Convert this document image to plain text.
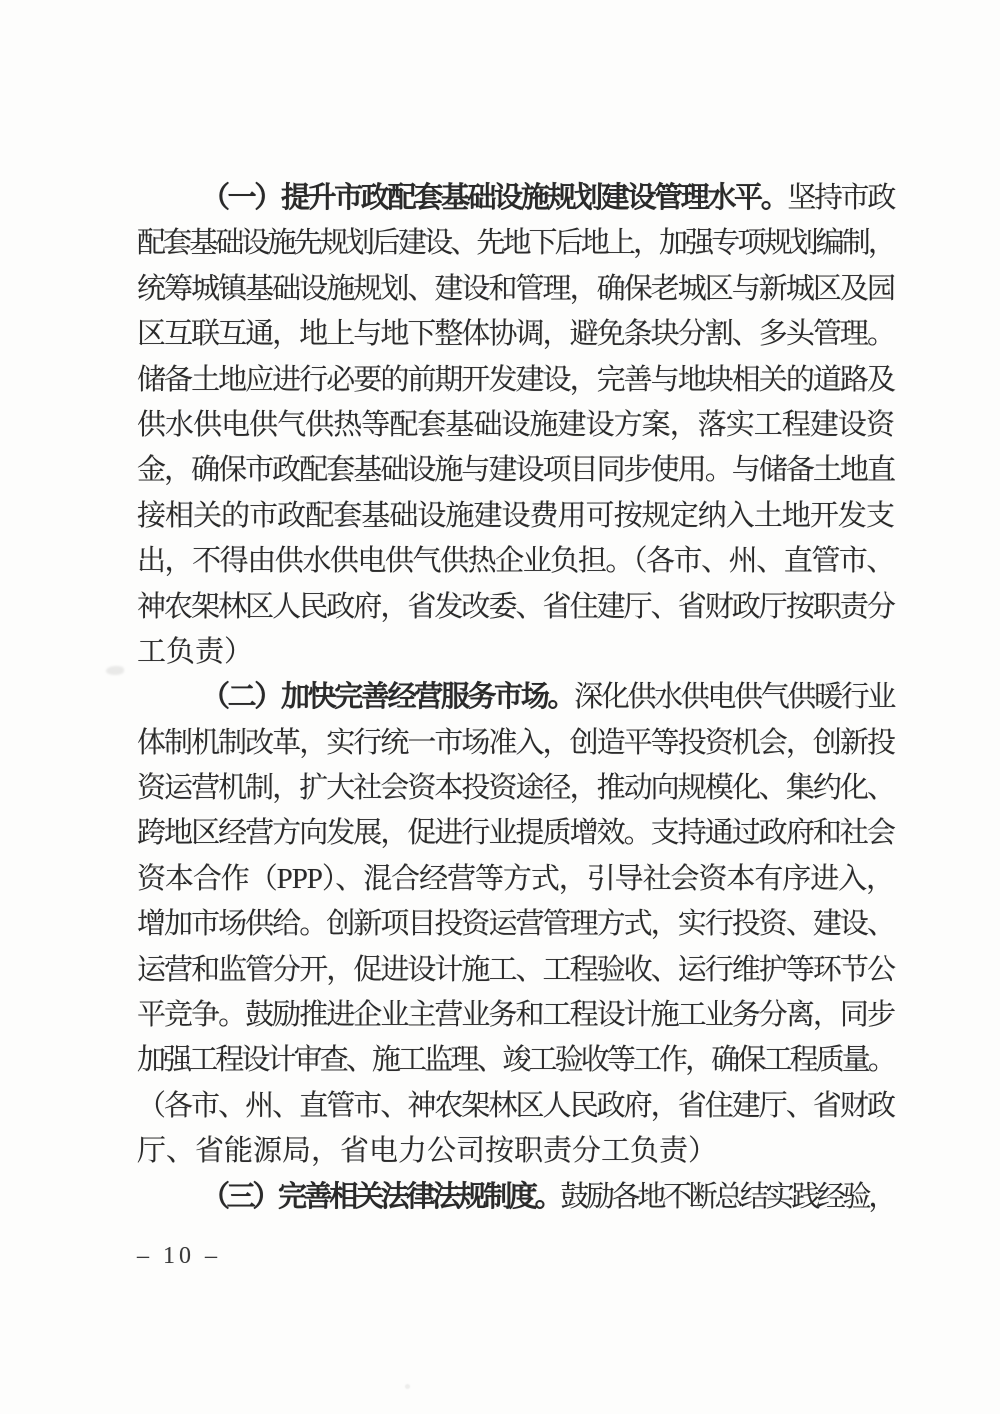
（一）提升市政配套基础设施规划建设管理水平。坚持市政
配套基础设施先规划后建设、先地下后地上，加强专项规划编制，
统筹城镇基础设施规划、建设和管理，确保老城区与新城区及园
区互联互通，地上与地下整体协调，避免条块分割、多头管理。
储备土地应进行必要的前期开发建设，完善与地块相关的道路及
供水供电供气供热等配套基础设施建设方案，落实工程建设资
金，确保市政配套基础设施与建设项目同步使用。与储备土地直
接相关的市政配套基础设施建设费用可按规定纳入土地开发支
出，不得由供水供电供气供热企业负担。（各市、州、直管市、
神农架林区人民政府，省发改委、省住建厅、省财政厅按职责分
工负责）
（二）加快完善经营服务市场。深化供水供电供气供暖行业
体制机制改革，实行统一市场准入，创造平等投资机会，创新投
资运营机制，扩大社会资本投资途径，推动向规模化、集约化、
跨地区经营方向发展，促进行业提质增效。支持通过政府和社会
资本合作（PPP）、混合经营等方式，引导社会资本有序进入，
增加市场供给。创新项目投资运营管理方式，实行投资、建设、
运营和监管分开，促进设计施工、工程验收、运行维护等环节公
平竞争。鼓励推进企业主营业务和工程设计施工业务分离，同步
加强工程设计审查、施工监理、竣工验收等工作，确保工程质量。
（各市、州、直管市、神农架林区人民政府，省住建厅、省财政
厅、省能源局，省电力公司按职责分工负责）
（三）完善相关法律法规制度。鼓励各地不断总结实践经验，
– 10 –
